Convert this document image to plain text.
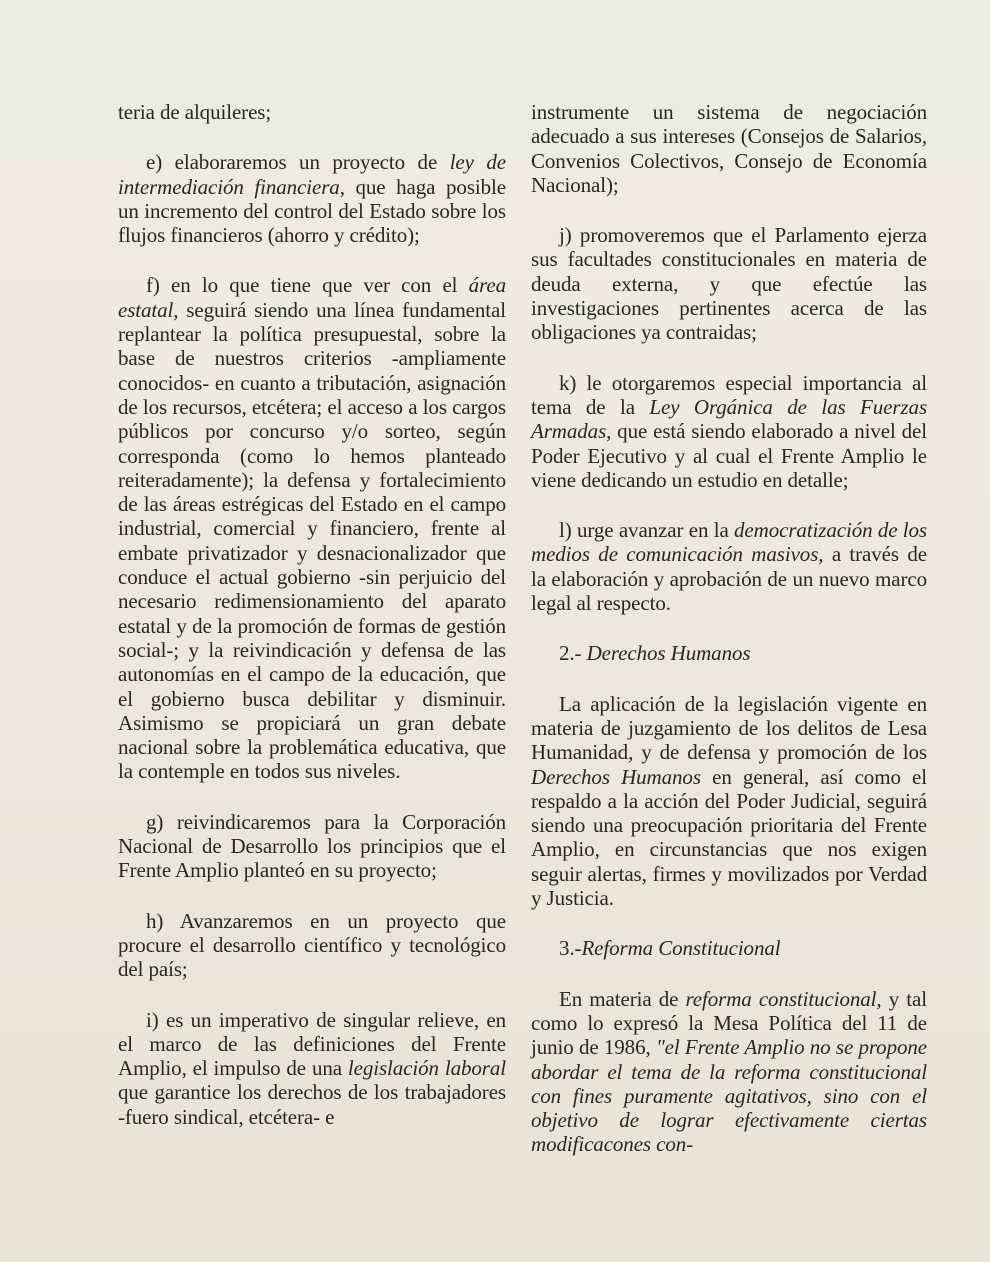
teria de alquileres;

e) elaboraremos un proyecto de ley de intermediación financiera, que haga posible un incremento del control del Estado sobre los flujos financieros (ahorro y crédito);

f) en lo que tiene que ver con el área estatal, seguirá siendo una línea fundamental replantear la política presupuestal, sobre la base de nuestros criterios -ampliamente conocidos- en cuanto a tributación, asignación de los recursos, etcétera; el acceso a los cargos públicos por concurso y/o sorteo, según corresponda (como lo hemos planteado reiteradamente); la defensa y fortalecimiento de las áreas estrégicas del Estado en el campo industrial, comercial y financiero, frente al embate privatizador y desnacionalizador que conduce el actual gobierno -sin perjuicio del necesario redimensionamiento del aparato estatal y de la promoción de formas de gestión social-; y la reivindicación y defensa de las autonomías en el campo de la educación, que el gobierno busca debilitar y disminuir. Asimismo se propiciará un gran debate nacional sobre la problemática educativa, que la contemple en todos sus niveles.

g) reivindicaremos para la Corporación Nacional de Desarrollo los principios que el Frente Amplio planteó en su proyecto;

h) Avanzaremos en un proyecto que procure el desarrollo científico y tecnológico del país;

i) es un imperativo de singular relieve, en el marco de las definiciones del Frente Amplio, el impulso de una legislación laboral que garantice los derechos de los trabajadores -fuero sindical, etcétera- e

instrumente un sistema de negociación adecuado a sus intereses (Consejos de Salarios, Convenios Colectivos, Consejo de Economía Nacional);

j) promoveremos que el Parlamento ejerza sus facultades constitucionales en materia de deuda externa, y que efectúe las investigaciones pertinentes acerca de las obligaciones ya contraidas;

k) le otorgaremos especial importancia al tema de la Ley Orgánica de las Fuerzas Armadas, que está siendo elaborado a nivel del Poder Ejecutivo y al cual el Frente Amplio le viene dedicando un estudio en detalle;

l) urge avanzar en la democratización de los medios de comunicación masivos, a través de la elaboración y aprobación de un nuevo marco legal al respecto.

2.- Derechos Humanos

La aplicación de la legislación vigente en materia de juzgamiento de los delitos de Lesa Humanidad, y de defensa y promoción de los Derechos Humanos en general, así como el respaldo a la acción del Poder Judicial, seguirá siendo una preocupación prioritaria del Frente Amplio, en circunstancias que nos exigen seguir alertas, firmes y movilizados por Verdad y Justicia.

3.-Reforma Constitucional

En materia de reforma constitucional, y tal como lo expresó la Mesa Política del 11 de junio de 1986, "el Frente Amplio no se propone abordar el tema de la reforma constitucional con fines puramente agitativos, sino con el objetivo de lograr efectivamente ciertas modificacones con-
